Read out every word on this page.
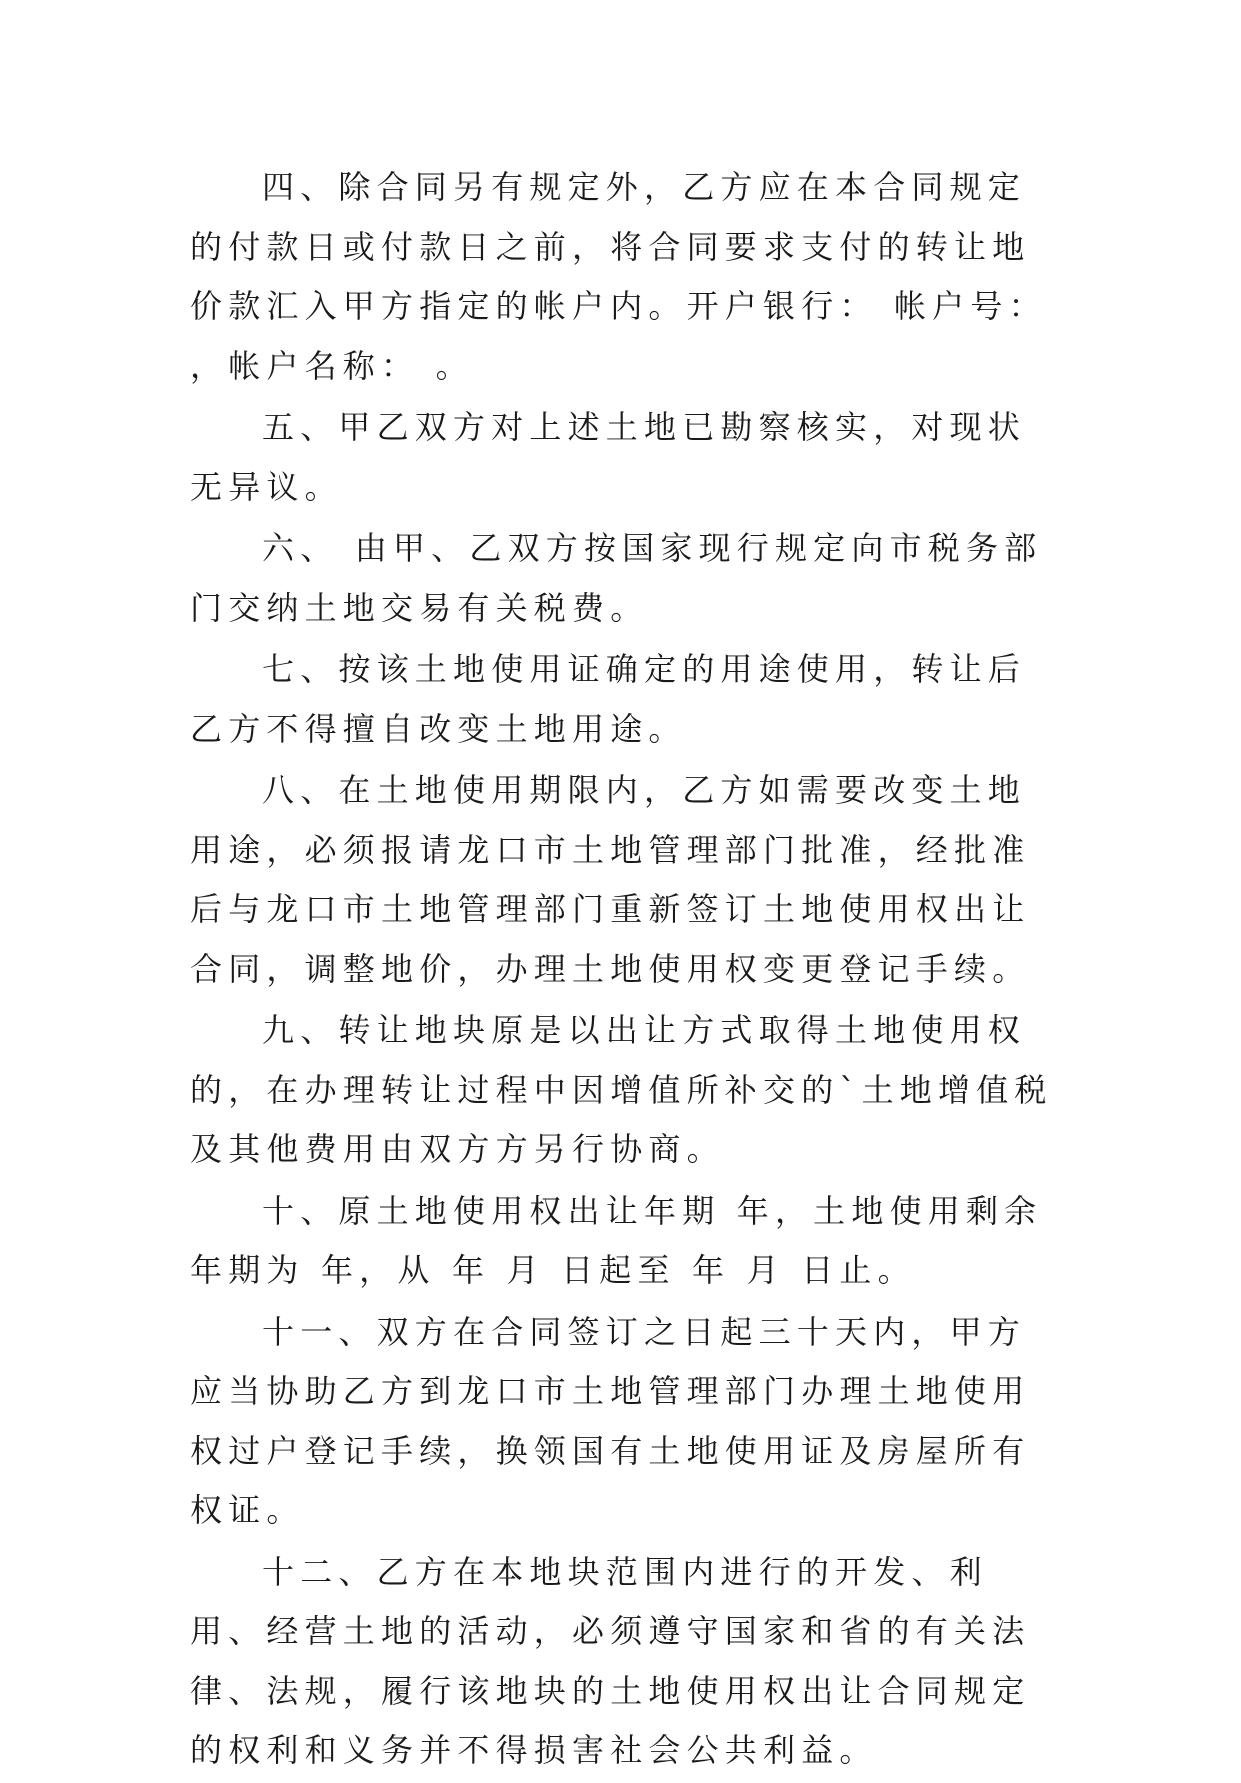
四、除合同另有规定外，乙方应在本合同规定的付款日或付款日之前，将合同要求支付的转让地价款汇入甲方指定的帐户内。开户银行： 帐户号： ，帐户名称： 。

五、甲乙双方对上述土地已勘察核实，对现状无异议。

六、 由甲、乙双方按国家现行规定向市税务部门交纳土地交易有关税费。

七、按该土地使用证确定的用途使用，转让后乙方不得擅自改变土地用途。

八、在土地使用期限内，乙方如需要改变土地用途，必须报请龙口市土地管理部门批准，经批准后与龙口市土地管理部门重新签订土地使用权出让合同，调整地价，办理土地使用权变更登记手续。

九、转让地块原是以出让方式取得土地使用权的，在办理转让过程中因增值所补交的`土地增值税及其他费用由双方方另行协商。

十、原土地使用权出让年期 年，土地使用剩余年期为 年，从 年 月 日起至 年 月 日止。

十一、双方在合同签订之日起三十天内，甲方应当协助乙方到龙口市土地管理部门办理土地使用权过户登记手续，换领国有土地使用证及房屋所有权证。

十二、乙方在本地块范围内进行的开发、利用、经营土地的活动，必须遵守国家和省的有关法律、法规，履行该地块的土地使用权出让合同规定的权利和义务并不得损害社会公共利益。
